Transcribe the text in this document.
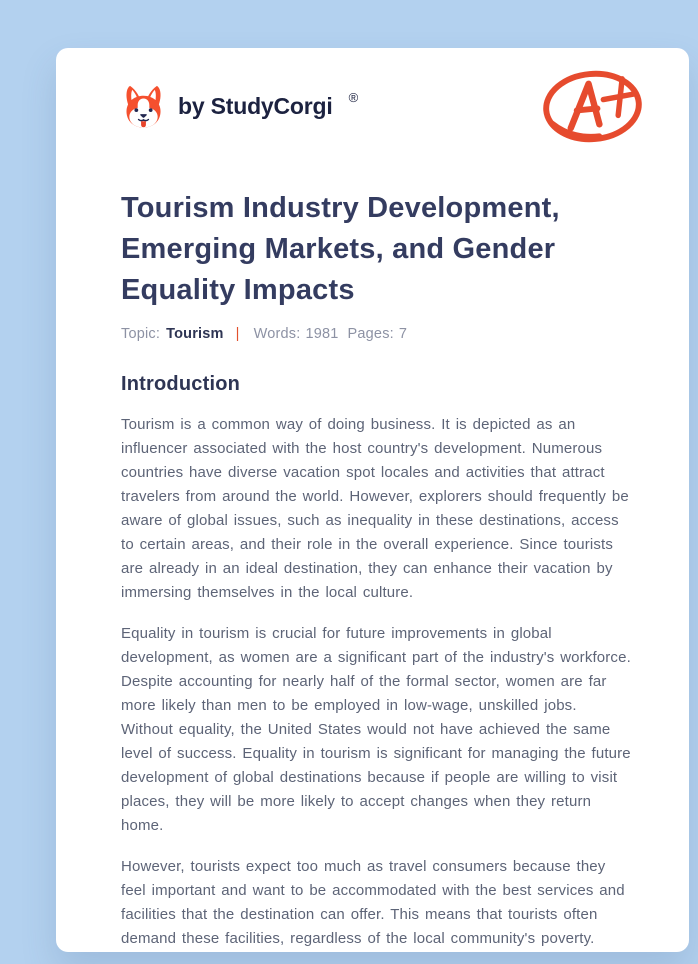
by StudyCorgi ®
Tourism Industry Development, Emerging Markets, and Gender Equality Impacts
Topic: Tourism | Words: 1981 Pages: 7
Introduction

Tourism is a common way of doing business. It is depicted as an influencer associated with the host country's development. Numerous countries have diverse vacation spot locales and activities that attract travelers from around the world. However, explorers should frequently be aware of global issues, such as inequality in these destinations, access to certain areas, and their role in the overall experience. Since tourists are already in an ideal destination, they can enhance their vacation by immersing themselves in the local culture.

Equality in tourism is crucial for future improvements in global development, as women are a significant part of the industry's workforce. Despite accounting for nearly half of the formal sector, women are far more likely than men to be employed in low-wage, unskilled jobs. Without equality, the United States would not have achieved the same level of success. Equality in tourism is significant for managing the future development of global destinations because if people are willing to visit places, they will be more likely to accept changes when they return home.

However, tourists expect too much as travel consumers because they feel important and want to be accommodated with the best services and facilities that the destination can offer. This means that tourists often demand these facilities, regardless of the local community's poverty.
